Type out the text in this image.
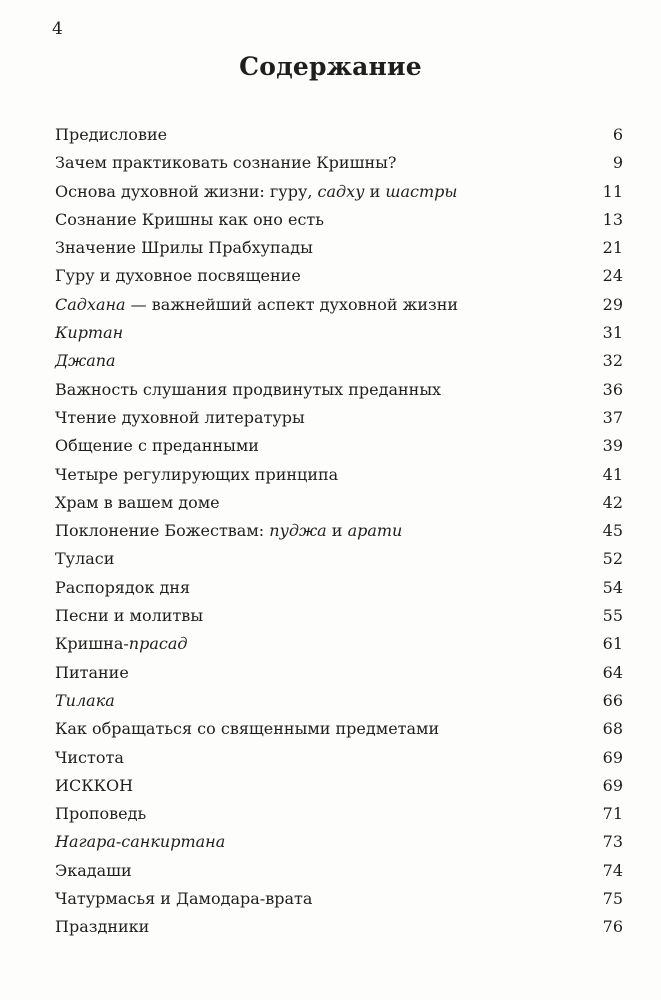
4
Содержание
Предисловие	6
Зачем практиковать сознание Кришны?	9
Основа духовной жизни: гуру, садху и шастры	11
Сознание Кришны как оно есть	13
Значение Шрилы Прабхупады	21
Гуру и духовное посвящение	24
Садхана — важнейший аспект духовной жизни	29
Киртан	31
Джапа	32
Важность слушания продвинутых преданных	36
Чтение духовной литературы	37
Общение с преданными	39
Четыре регулирующих принципа	41
Храм в вашем доме	42
Поклонение Божествам: пуджа и арати	45
Туласи	52
Распорядок дня	54
Песни и молитвы	55
Кришна-прасад	61
Питание	64
Тилака	66
Как обращаться со священными предметами	68
Чистота	69
ИСККОН	69
Проповедь	71
Нагара-санкиртана	73
Экадаши	74
Чатурмасья и Дамодара-врата	75
Праздники	76
